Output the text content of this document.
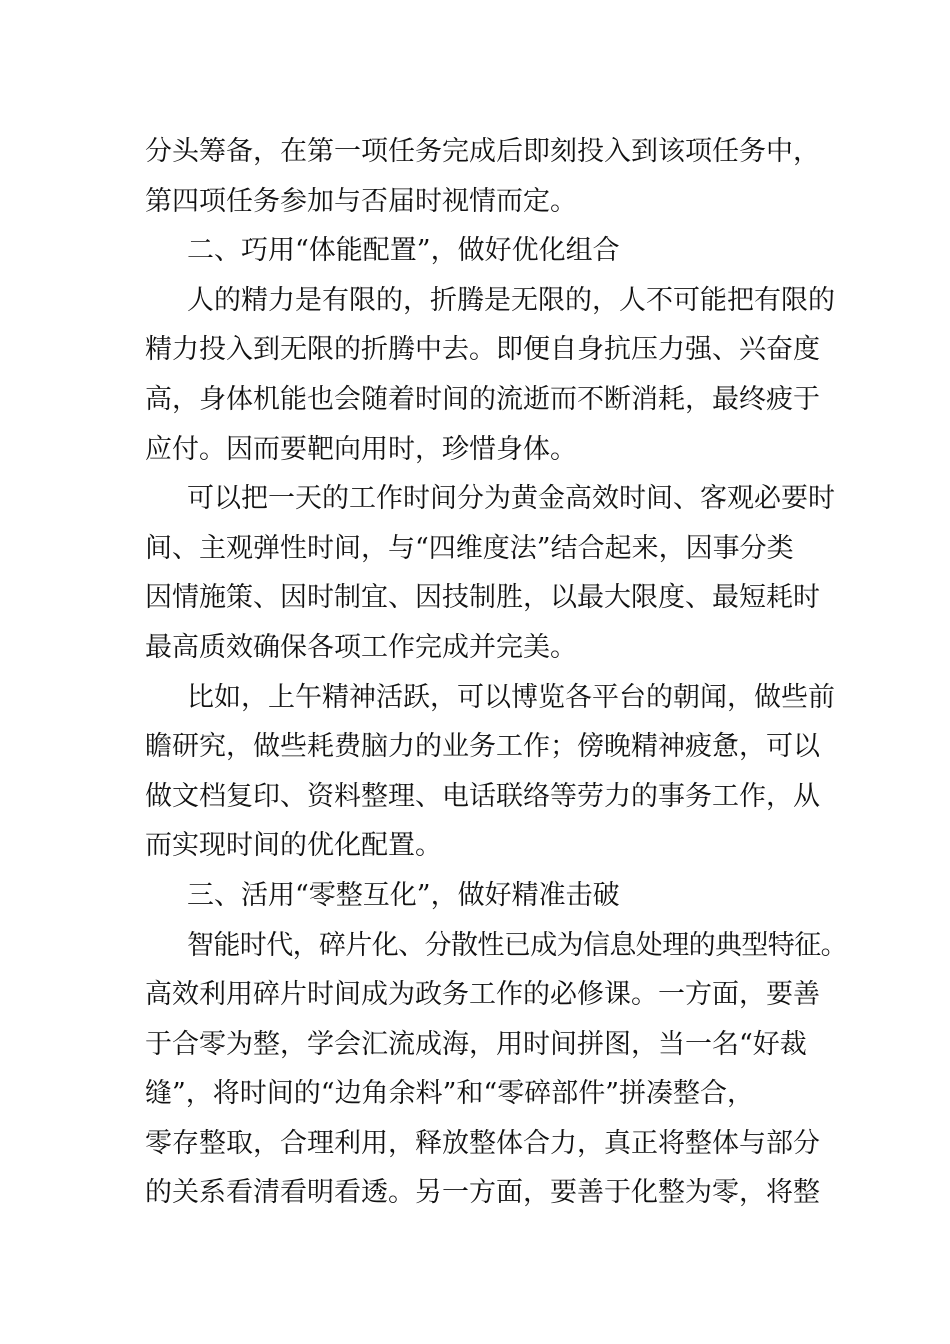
分头筹备，在第一项任务完成后即刻投入到该项任务中，
第四项任务参加与否届时视情而定。
二、巧用“体能配置”，做好优化组合
人的精力是有限的，折腾是无限的，人不可能把有限的
精力投入到无限的折腾中去。即便自身抗压力强、兴奋度
高，身体机能也会随着时间的流逝而不断消耗，最终疲于
应付。因而要靶向用时，珍惜身体。
可以把一天的工作时间分为黄金高效时间、客观必要时
间、主观弹性时间，与“四维度法”结合起来，因事分类
因情施策、因时制宜、因技制胜，以最大限度、最短耗时
最高质效确保各项工作完成并完美。
比如，上午精神活跃，可以博览各平台的朝闻，做些前
瞻研究，做些耗费脑力的业务工作；傍晚精神疲惫，可以
做文档复印、资料整理、电话联络等劳力的事务工作，从
而实现时间的优化配置。
三、活用“零整互化”，做好精准击破
智能时代，碎片化、分散性已成为信息处理的典型特征。
高效利用碎片时间成为政务工作的必修课。一方面，要善
于合零为整，学会汇流成海，用时间拼图，当一名“好裁
缝”，将时间的“边角余料”和“零碎部件”拼凑整合，
零存整取，合理利用，释放整体合力，真正将整体与部分
的关系看清看明看透。另一方面，要善于化整为零，将整
